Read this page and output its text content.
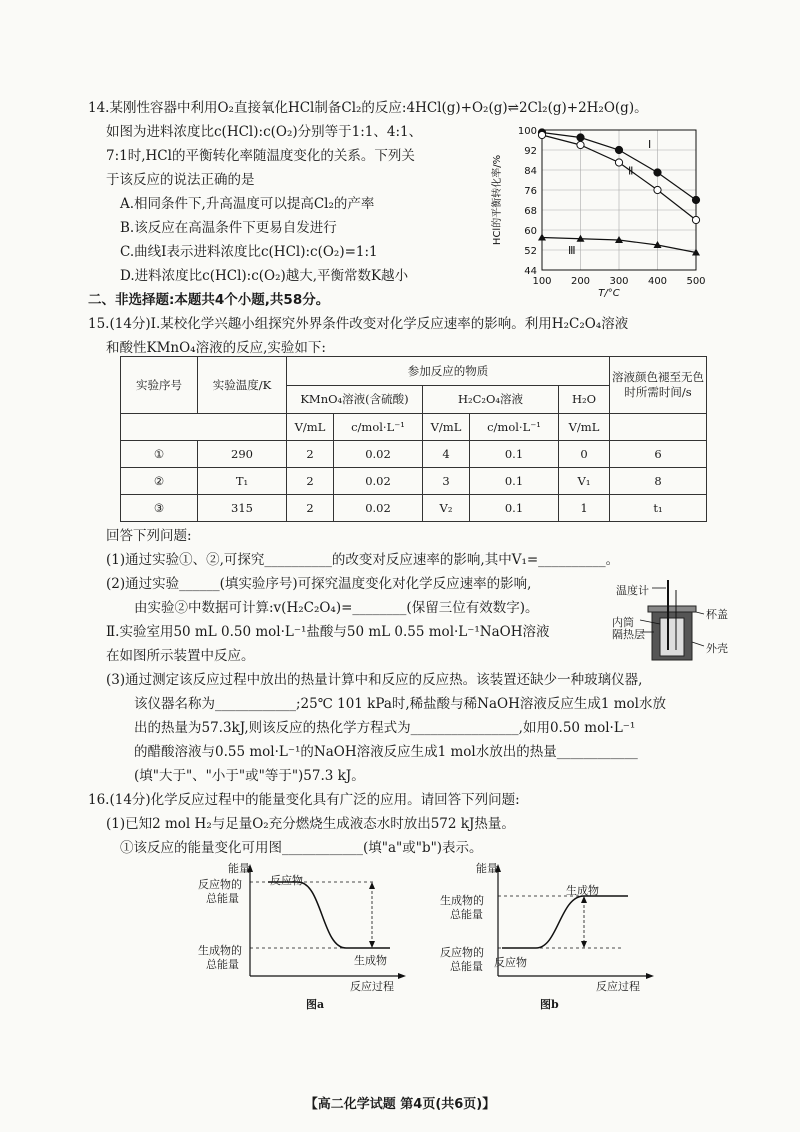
14.某刚性容器中利用O₂直接氧化HCl制备Cl₂的反应:4HCl(g)+O₂(g)⇌2Cl₂(g)+2H₂O(g)。
如图为进料浓度比c(HCl):c(O₂)分别等于1:1、4:1、
7:1时,HCl的平衡转化率随温度变化的关系。下列关
于该反应的说法正确的是
A.相同条件下,升高温度可以提高Cl₂的产率
B.该反应在高温条件下更易自发进行
C.曲线Ⅰ表示进料浓度比c(HCl):c(O₂)=1:1
D.进料浓度比c(HCl):c(O₂)越大,平衡常数K越小
100
92
84
76
68
60
52
44
100 200 300 400 500
T/°C
HCl的平衡转化率/%
Ⅰ
Ⅱ
Ⅲ
二、非选择题:本题共4个小题,共58分。
15.(14分)Ⅰ.某校化学兴趣小组探究外界条件改变对化学反应速率的影响。利用H₂C₂O₄溶液
和酸性KMnO₄溶液的反应,实验如下:
实验序号	实验温度/K	参加反应的物质					溶液颜色褪至无色时所需时间/s
		KMnO₄溶液(含硫酸)		H₂C₂O₄溶液		H₂O	
		V/mL	c/mol·L⁻¹	V/mL	c/mol·L⁻¹	V/mL	
①	290	2	0.02	4	0.1	0	6
②	T₁	2	0.02	3	0.1	V₁	8
③	315	2	0.02	V₂	0.1	1	t₁
回答下列问题:
(1)通过实验①、②,可探究__________的改变对反应速率的影响,其中V₁=__________。
(2)通过实验______(填实验序号)可探究温度变化对化学反应速率的影响,
由实验②中数据可计算:v(H₂C₂O₄)=________(保留三位有效数字)。
Ⅱ.实验室用50 mL 0.50 mol·L⁻¹盐酸与50 mL 0.55 mol·L⁻¹NaOH溶液
在如图所示装置中反应。
温度计
杯盖
内筒
隔热层
外壳
(3)通过测定该反应过程中放出的热量计算中和反应的反应热。该装置还缺少一种玻璃仪器,
该仪器名称为____________;25℃ 101 kPa时,稀盐酸与稀NaOH溶液反应生成1 mol水放
出的热量为57.3kJ,则该反应的热化学方程式为________________,如用0.50 mol·L⁻¹
的醋酸溶液与0.55 mol·L⁻¹的NaOH溶液反应生成1 mol水放出的热量____________
(填"大于"、"小于"或"等于")57.3 kJ。
16.(14分)化学反应过程中的能量变化具有广泛的应用。请回答下列问题:
(1)已知2 mol H₂与足量O₂充分燃烧生成液态水时放出572 kJ热量。
①该反应的能量变化可用图____________(填"a"或"b")表示。
能量
反应物
反应物的
总能量
生成物
生成物的
总能量
反应过程
图a
能量
生成物
生成物的
总能量
反应物
反应物的
总能量
反应过程
图b
【高二化学试题 第4页(共6页)】
